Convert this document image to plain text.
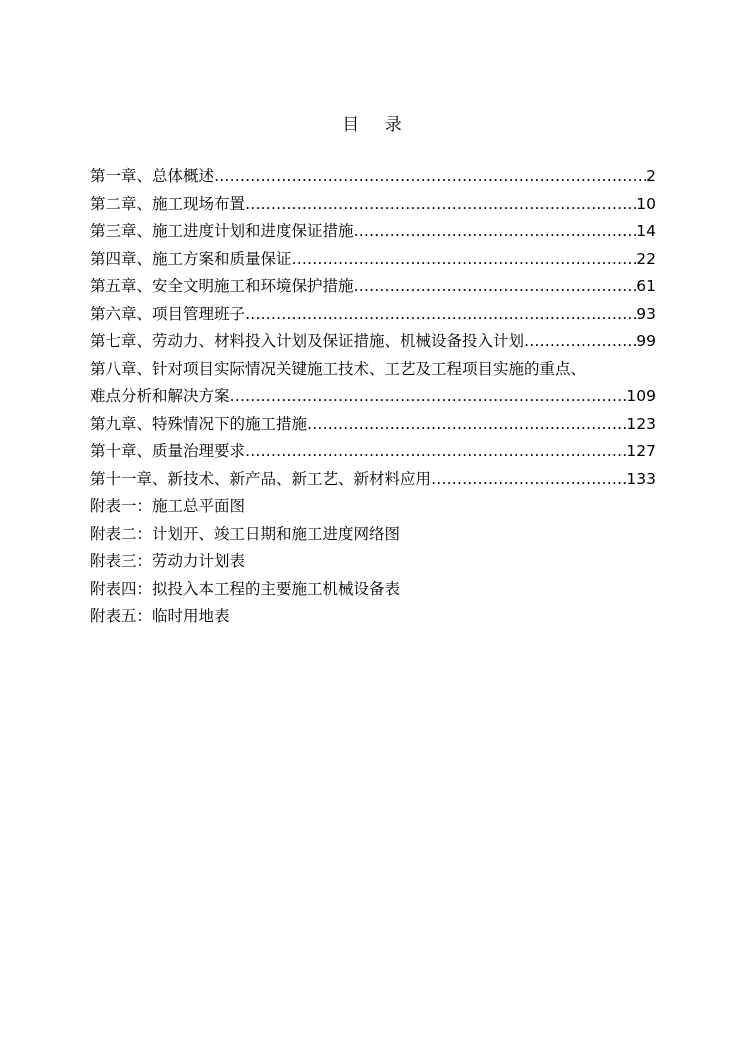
目 录
第一章、总体概述 ………………………………………………………………………………………………………………………………………………………………	2
第二章、施工现场布置 ………………………………………………………………………………………………………………………………………………………………	10
第三章、施工进度计划和进度保证措施 ………………………………………………………………………………………………………………………………………………………………	14
第四章、施工方案和质量保证 ………………………………………………………………………………………………………………………………………………………………	22
第五章、安全文明施工和环境保护措施 ………………………………………………………………………………………………………………………………………………………………	61
第六章、项目管理班子 ………………………………………………………………………………………………………………………………………………………………	93
第七章、劳动力、材料投入计划及保证措施、机械设备投入计划 ………………………………………………………………………………………………………………………………………………………………	99
第八章、针对项目实际情况关键施工技术、工艺及工程项目实施的重点、
难点分析和解决方案 ………………………………………………………………………………………………………………………………………………………………	109
第九章、特殊情况下的施工措施 ………………………………………………………………………………………………………………………………………………………………	123
第十章、质量治理要求 ………………………………………………………………………………………………………………………………………………………………	127
第十一章、新技术、新产品、新工艺、新材料应用 ………………………………………………………………………………………………………………………………………………………………	133
附表一：施工总平面图
附表二：计划开、竣工日期和施工进度网络图
附表三：劳动力计划表
附表四：拟投入本工程的主要施工机械设备表
附表五：临时用地表
